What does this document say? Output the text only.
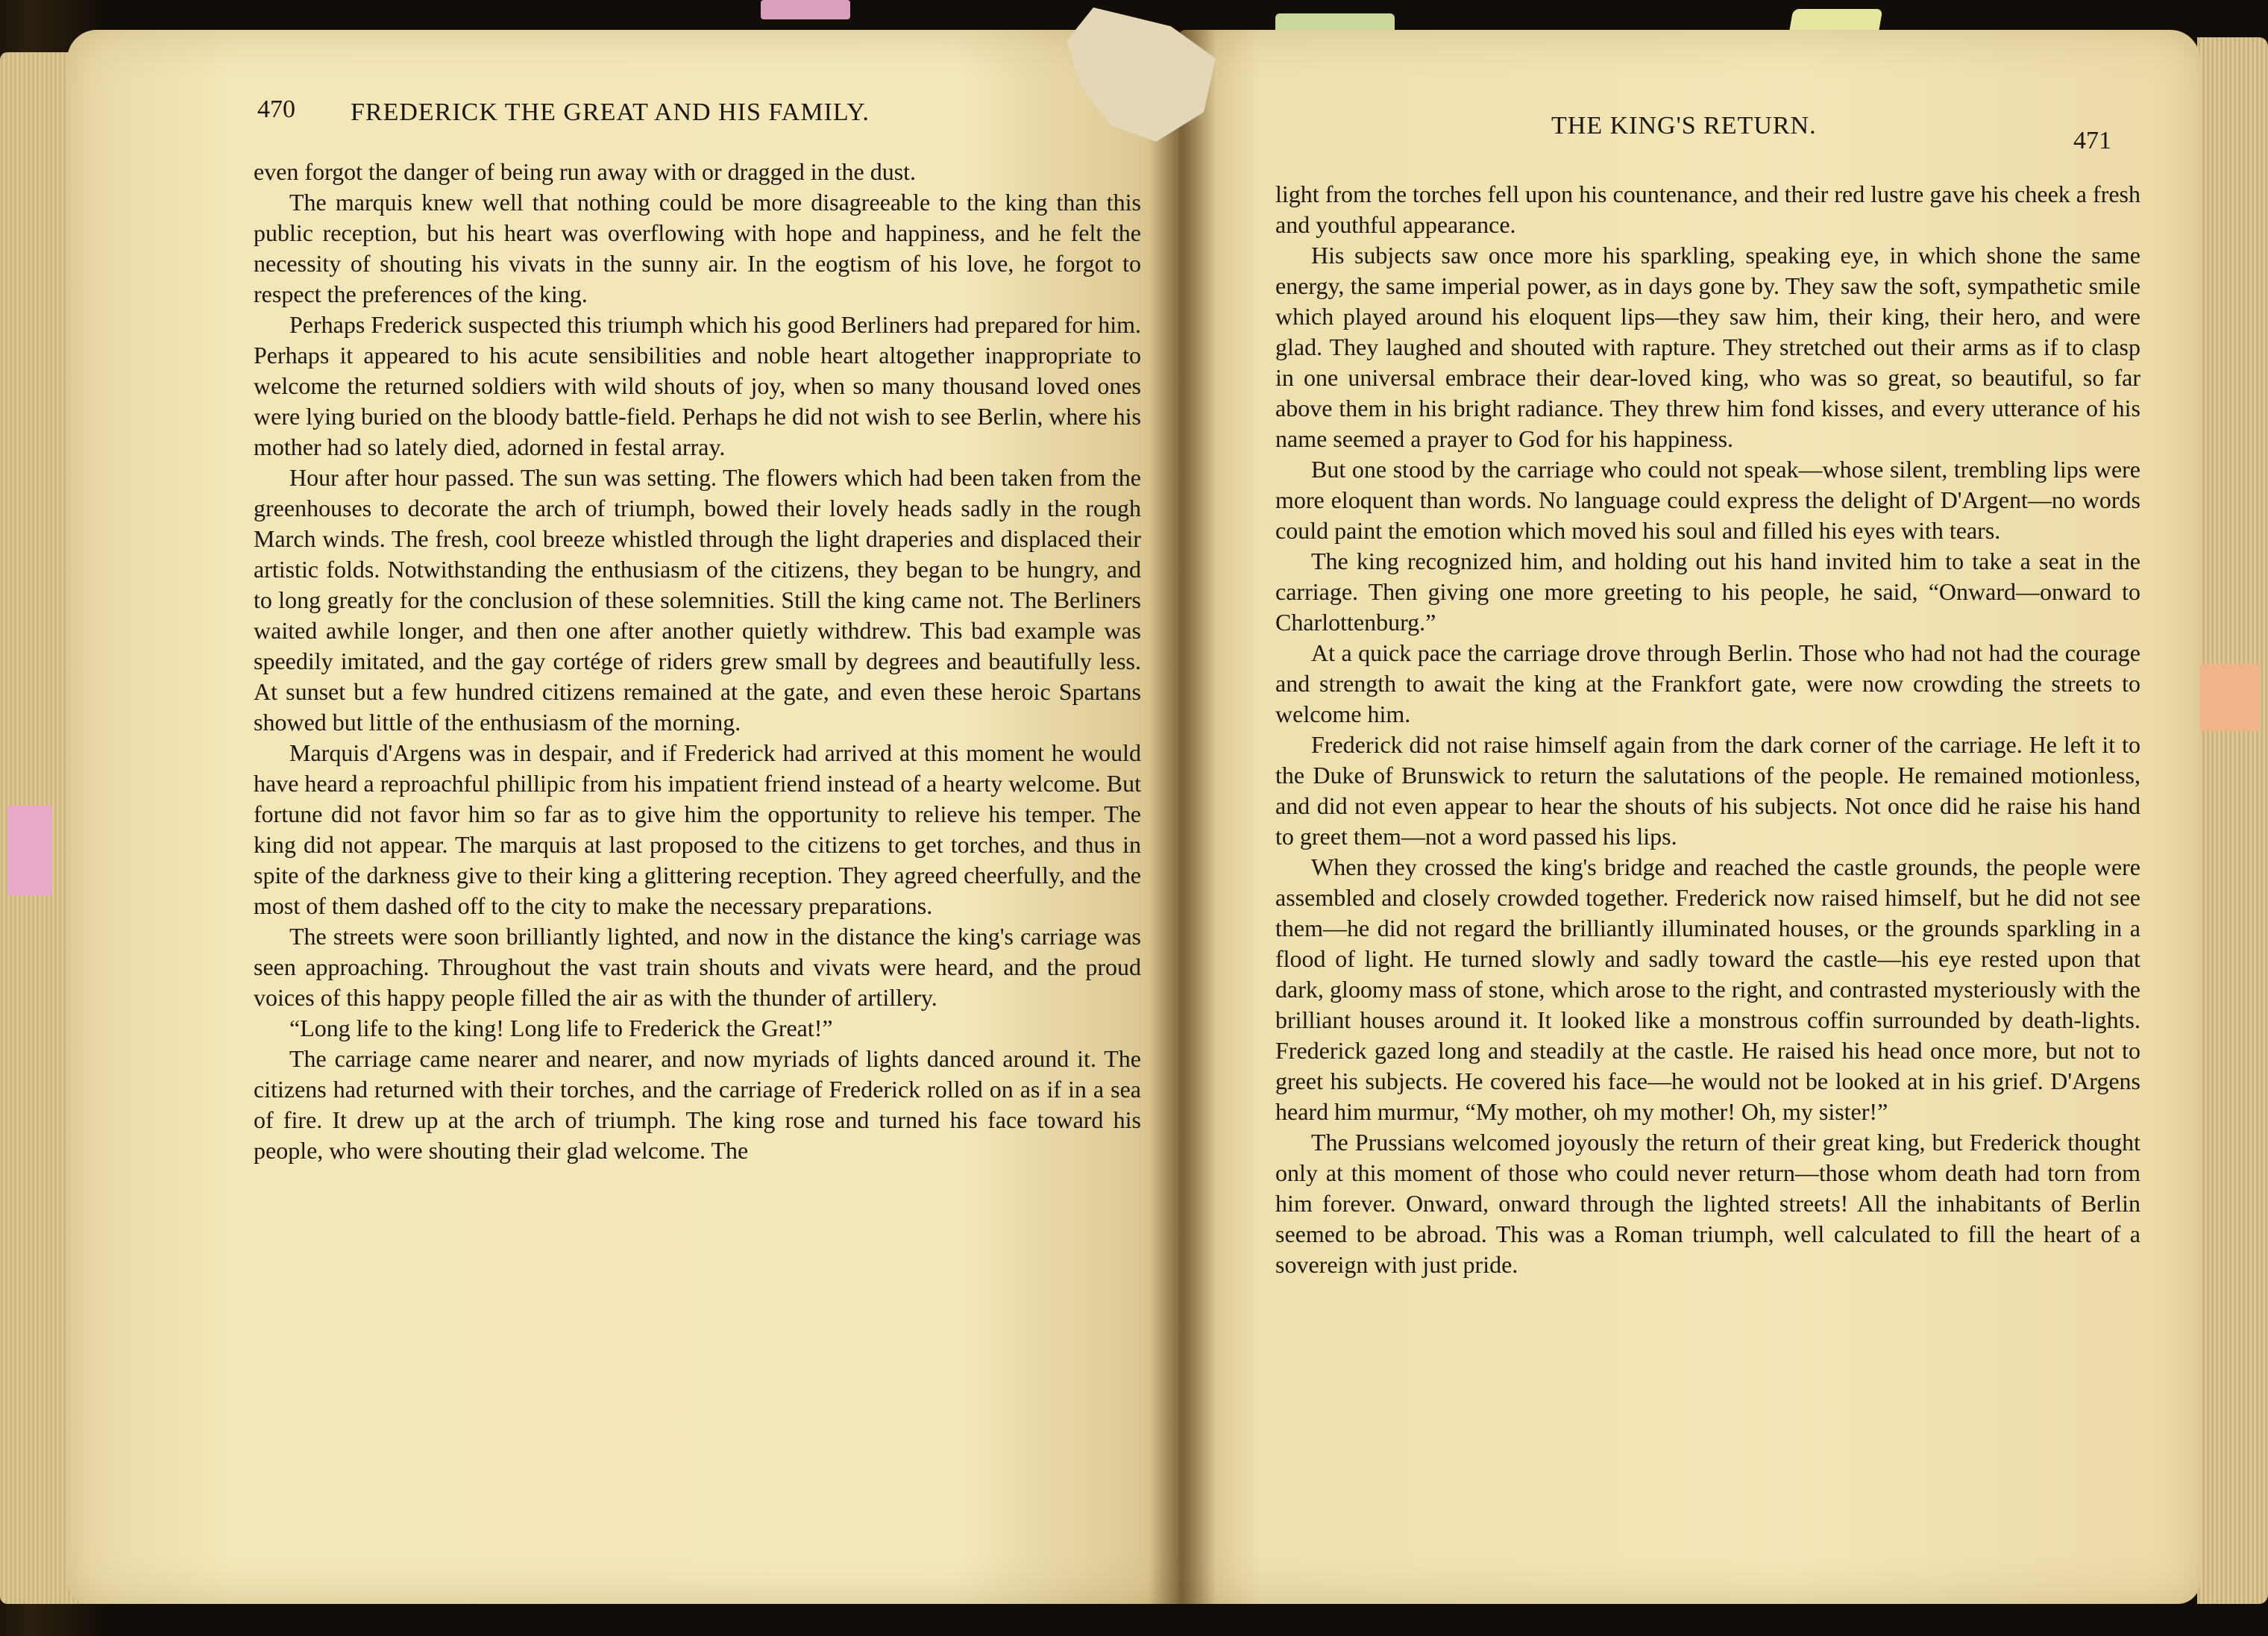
470 FREDERICK THE GREAT AND HIS FAMILY.

even forgot the danger of being run away with or dragged in the dust.

The marquis knew well that nothing could be more disagreeable to the king than this public reception, but his heart was overflowing with hope and happiness, and he felt the necessity of shouting his vivats in the sunny air. In the eogtism of his love, he forgot to respect the preferences of the king.

Perhaps Frederick suspected this triumph which his good Berliners had prepared for him. Perhaps it appeared to his acute sensibilities and noble heart altogether inappropriate to welcome the returned soldiers with wild shouts of joy, when so many thousand loved ones were lying buried on the bloody battle-field. Perhaps he did not wish to see Berlin, where his mother had so lately died, adorned in festal array.

Hour after hour passed. The sun was setting. The flowers which had been taken from the greenhouses to decorate the arch of triumph, bowed their lovely heads sadly in the rough March winds. The fresh, cool breeze whistled through the light draperies and displaced their artistic folds. Notwithstanding the enthusiasm of the citizens, they began to be hungry, and to long greatly for the conclusion of these solemnities. Still the king came not. The Berliners waited awhile longer, and then one after another quietly withdrew. This bad example was speedily imitated, and the gay cortége of riders grew small by degrees and beautifully less. At sunset but a few hundred citizens remained at the gate, and even these heroic Spartans showed but little of the enthusiasm of the morning.

Marquis d'Argens was in despair, and if Frederick had arrived at this moment he would have heard a reproachful phillipic from his impatient friend instead of a hearty welcome. But fortune did not favor him so far as to give him the opportunity to relieve his temper. The king did not appear. The marquis at last proposed to the citizens to get torches, and thus in spite of the darkness give to their king a glittering reception. They agreed cheerfully, and the most of them dashed off to the city to make the necessary preparations.

The streets were soon brilliantly lighted, and now in the distance the king's carriage was seen approaching. Throughout the vast train shouts and vivats were heard, and the proud voices of this happy people filled the air as with the thunder of artillery.

“Long life to the king! Long life to Frederick the Great!”

The carriage came nearer and nearer, and now myriads of lights danced around it. The citizens had returned with their torches, and the carriage of Frederick rolled on as if in a sea of fire. It drew up at the arch of triumph. The king rose and turned his face toward his people, who were shouting their glad welcome. The

THE KING'S RETURN.
471

light from the torches fell upon his countenance, and their red lustre gave his cheek a fresh and youthful appearance.

His subjects saw once more his sparkling, speaking eye, in which shone the same energy, the same imperial power, as in days gone by. They saw the soft, sympathetic smile which played around his eloquent lips—they saw him, their king, their hero, and were glad. They laughed and shouted with rapture. They stretched out their arms as if to clasp in one universal embrace their dear-loved king, who was so great, so beautiful, so far above them in his bright radiance. They threw him fond kisses, and every utterance of his name seemed a prayer to God for his happiness.

But one stood by the carriage who could not speak—whose silent, trembling lips were more eloquent than words. No language could express the delight of D'Argent—no words could paint the emotion which moved his soul and filled his eyes with tears.

The king recognized him, and holding out his hand invited him to take a seat in the carriage. Then giving one more greeting to his people, he said, “Onward—onward to Charlottenburg.”

At a quick pace the carriage drove through Berlin. Those who had not had the courage and strength to await the king at the Frankfort gate, were now crowding the streets to welcome him.

Frederick did not raise himself again from the dark corner of the carriage. He left it to the Duke of Brunswick to return the salutations of the people. He remained motionless, and did not even appear to hear the shouts of his subjects. Not once did he raise his hand to greet them—not a word passed his lips.

When they crossed the king's bridge and reached the castle grounds, the people were assembled and closely crowded together. Frederick now raised himself, but he did not see them—he did not regard the brilliantly illuminated houses, or the grounds sparkling in a flood of light. He turned slowly and sadly toward the castle—his eye rested upon that dark, gloomy mass of stone, which arose to the right, and contrasted mysteriously with the brilliant houses around it. It looked like a monstrous coffin surrounded by death-lights. Frederick gazed long and steadily at the castle. He raised his head once more, but not to greet his subjects. He covered his face—he would not be looked at in his grief. D'Argens heard him murmur, “My mother, oh my mother! Oh, my sister!”

The Prussians welcomed joyously the return of their great king, but Frederick thought only at this moment of those who could never return—those whom death had torn from him forever. Onward, onward through the lighted streets! All the inhabitants of Berlin seemed to be abroad. This was a Roman triumph, well calculated to fill the heart of a sovereign with just pride.
